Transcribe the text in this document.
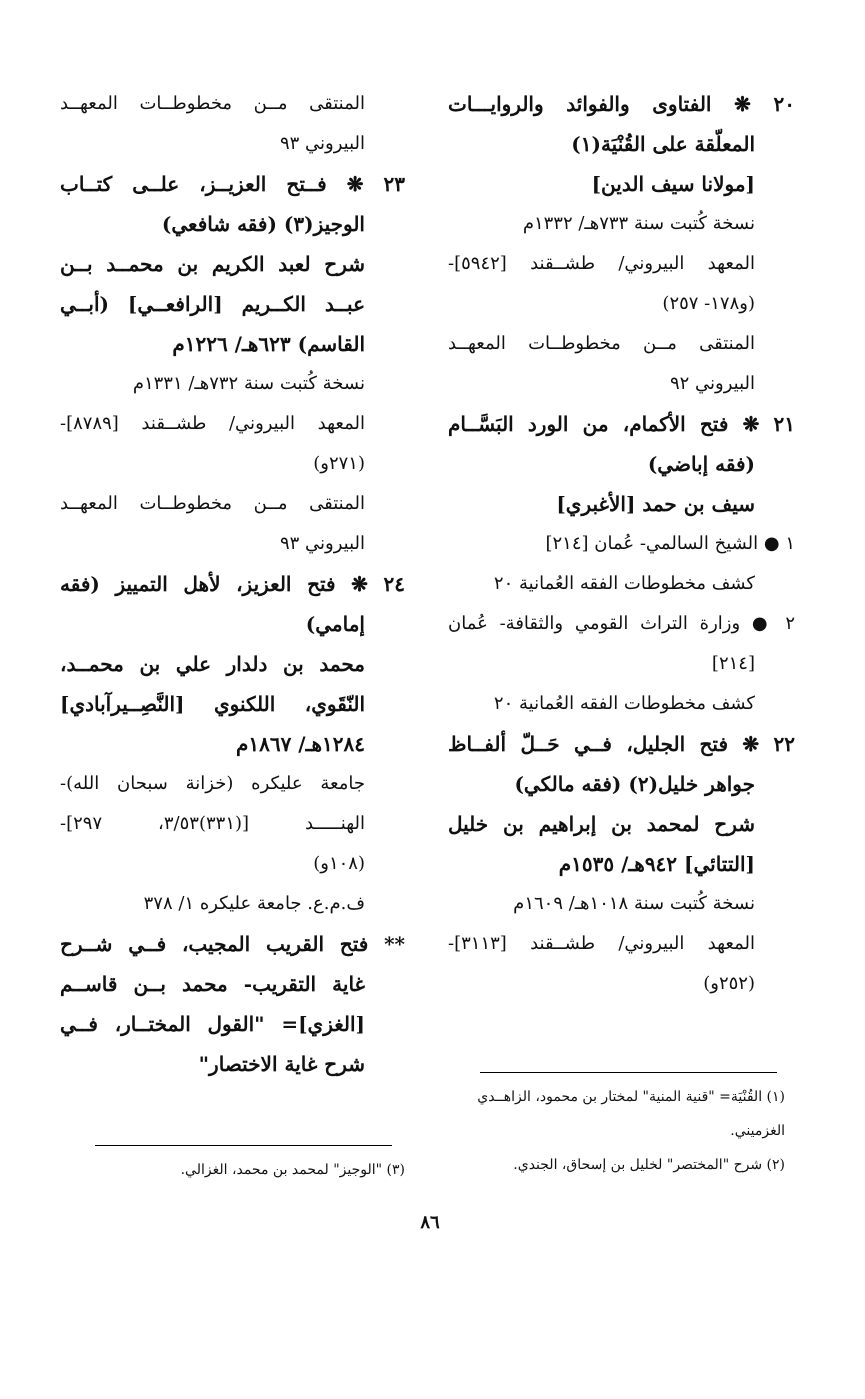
٢٠ ❋ الفتاوى والفوائد والروايـــات
المعلّقة على القُنْيَة(١)
[مولانا سيف الدين]
نسخة كُتبت سنة ٧٣٣هـ/ ١٣٣٢م
المعهد البيروني/ طشــقند [٥٩٤٢]-
(و١٧٨- ٢٥٧)
المنتقى مــن مخطوطــات المعهــد
البيروني ٩٢
٢١ ❋ فتح الأكمام، من الورد البَسَّــام
(فقه إباضي)
سيف بن حمد [الأغبري]
١ ● الشيخ السالمي- عُمان [٢١٤]
كشف مخطوطات الفقه العُمانية ٢٠
٢ ● وزارة التراث القومي والثقافة- عُمان
[٢١٤]
كشف مخطوطات الفقه العُمانية ٢٠
٢٢ ❋ فتح الجليل، فــي حَــلّ ألفــاظ
جواهر خليل(٢) (فقه مالكي)
شرح لمحمد بن إبراهيم بن خليل
[التتائي] ٩٤٢هـ/ ١٥٣٥م
نسخة كُتبت سنة ١٠١٨هـ/ ١٦٠٩م
المعهد البيروني/ طشــقند [٣١١٣]-
(٢٥٢و)
المنتقى مــن مخطوطــات المعهــد
البيروني ٩٣
٢٣ ❋ فــتح العزيــز، علــى كتــاب
الوجيز(٣) (فقه شافعي)
شرح لعبد الكريم بن محمــد بــن
عبــد الكــريم [الرافعــي] (أبــي
القاسم) ٦٢٣هـ/ ١٢٢٦م
نسخة كُتبت سنة ٧٣٢هـ/ ١٣٣١م
المعهد البيروني/ طشــقند [٨٧٨٩]-
(٢٧١و)
المنتقى مــن مخطوطــات المعهــد
البيروني ٩٣
٢٤ ❋ فتح العزيز، لأهل التمييز (فقه
إمامي)
محمد بن دلدار علي بن محمــد،
النّقَوي، اللكنوي [النَّصِــيرآبادي]
١٢٨٤هـ/ ١٨٦٧م
جامعة عليكره (خزانة سبحان الله)-
الهنـــــد [(٣٣١)٣/٥٣، ٢٩٧]-
(١٠٨و)
ف.م.ع. جامعة عليكره ١/ ٣٧٨
** فتح القريب المجيب، فــي شــرح
غاية التقريب- محمد بــن قاســم
[الغزي]= "القول المختــار، فــي
شرح غاية الاختصار"
(١) القُنْيَة= "قنية المنية" لمختار بن محمود، الزاهــدي
الغزميني.
(٢) شرح "المختصر" لخليل بن إسحاق، الجندي.
(٣) "الوجيز" لمحمد بن محمد، الغزالي.
٨٦
